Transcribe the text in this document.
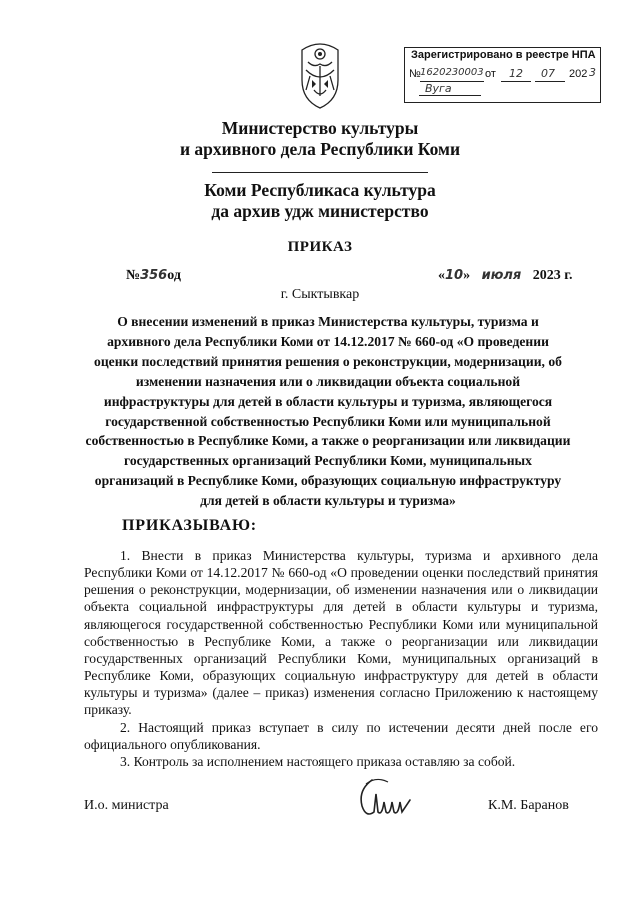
Зарегистрировано в реестре НПА
№ 1620230003 от 12 07 202 3
Вуга
Министерство культуры
и архивного дела Республики Коми
Коми Республикаса культура
да архив удж министерство
ПРИКАЗ
№356од	«10» июля 2023 г.
г. Сыктывкар
О внесении изменений в приказ Министерства культуры, туризма и архивного дела Республики Коми от 14.12.2017 № 660-од «О проведении оценки последствий принятия решения о реконструкции, модернизации, об изменении назначения или о ликвидации объекта социальной инфраструктуры для детей в области культуры и туризма, являющегося государственной собственностью Республики Коми или муниципальной собственностью в Республике Коми, а также о реорганизации или ликвидации государственных организаций Республики Коми, муниципальных организаций в Республике Коми, образующих социальную инфраструктуру для детей в области культуры и туризма»
ПРИКАЗЫВАЮ:

1. Внести в приказ Министерства культуры, туризма и архивного дела Республики Коми от 14.12.2017 № 660-од «О проведении оценки последствий принятия решения о реконструкции, модернизации, об изменении назначения или о ликвидации объекта социальной инфраструктуры для детей в области культуры и туризма, являющегося государственной собственностью Республики Коми или муниципальной собственностью в Республике Коми, а также о реорганизации или ликвидации государственных организаций Республики Коми, муниципальных организаций в Республике Коми, образующих социальную инфраструктуру для детей в области культуры и туризма» (далее – приказ) изменения согласно Приложению к настоящему приказу.

2. Настоящий приказ вступает в силу по истечении десяти дней после его официального опубликования.

3. Контроль за исполнением настоящего приказа оставляю за собой.

И.о. министра	К.М. Баранов
